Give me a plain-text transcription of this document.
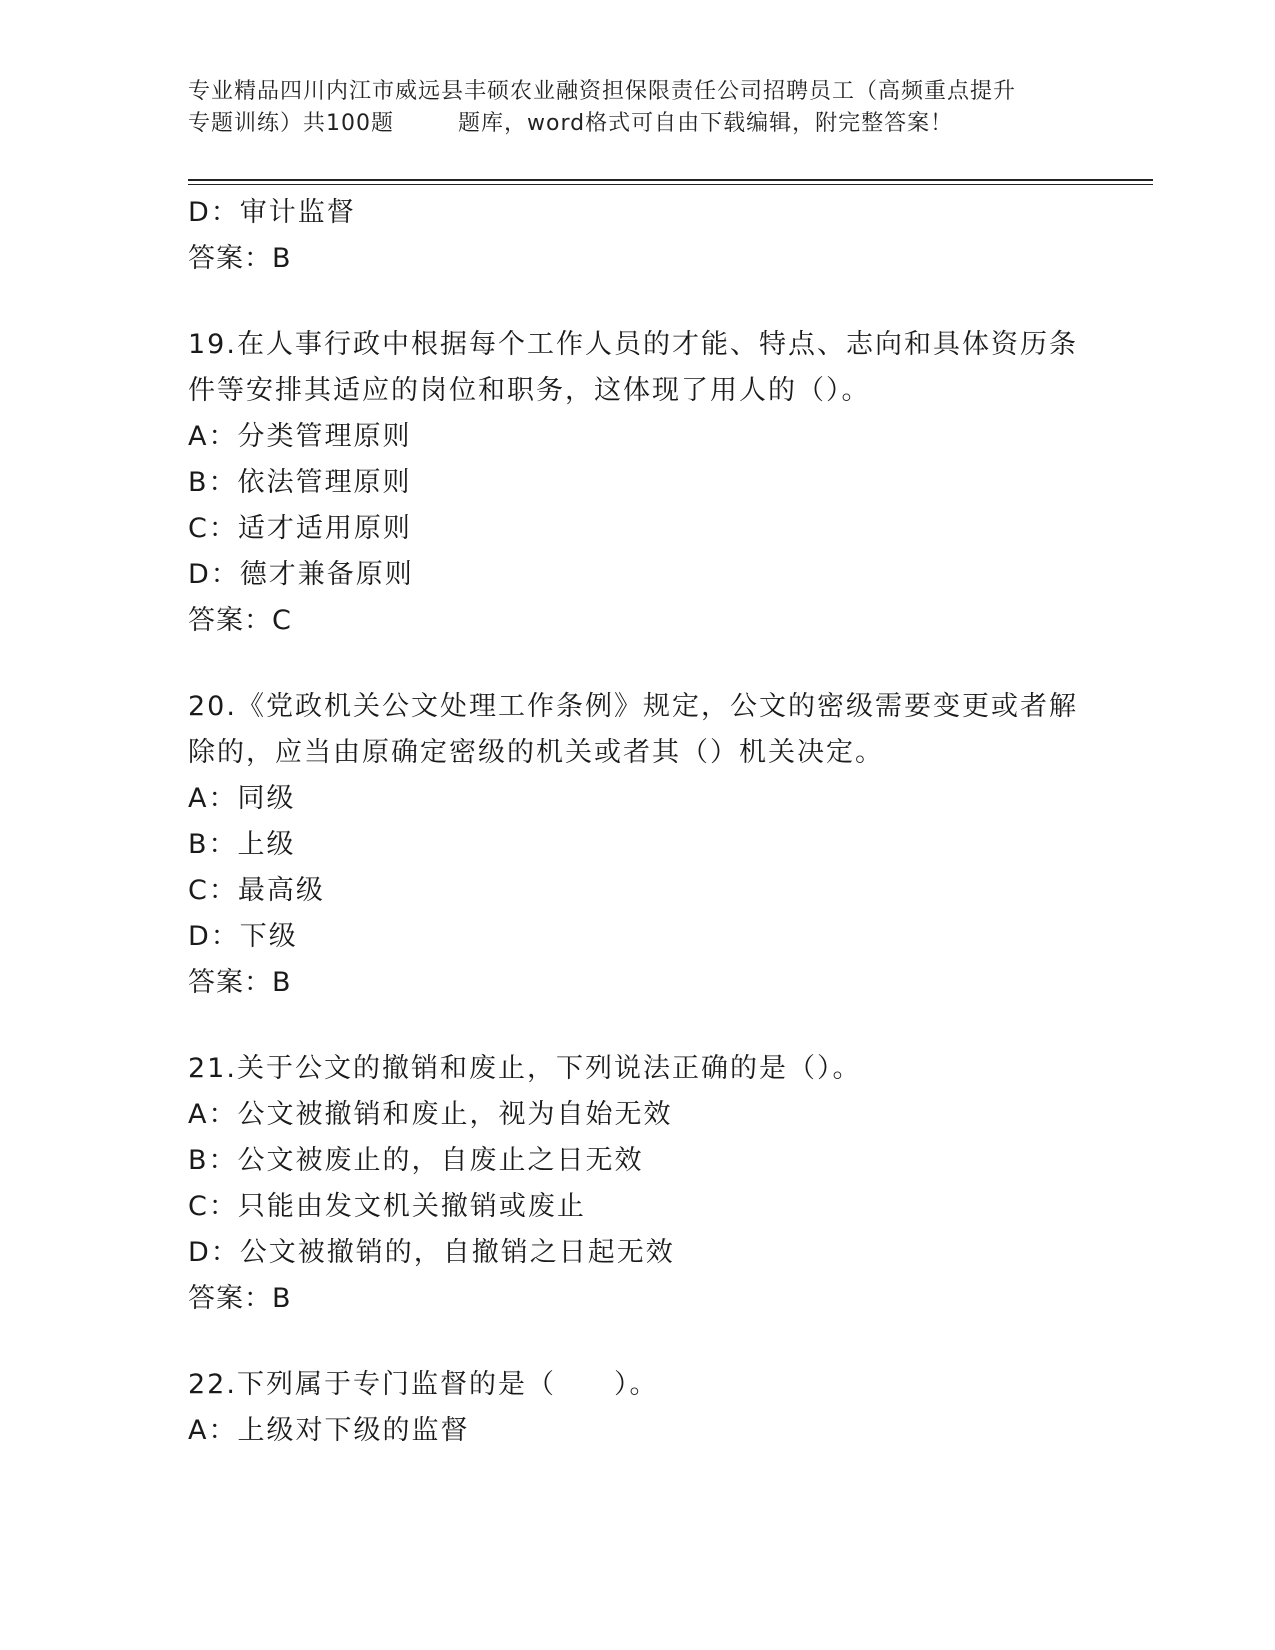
专业精品四川内江市威远县丰硕农业融资担保限责任公司招聘员工（高频重点提升
专题训练）共100题	题库，word格式可自由下载编辑，附完整答案！
D：审计监督
答案：B
19.在人事行政中根据每个工作人员的才能、特点、志向和具体资历条
件等安排其适应的岗位和职务，这体现了用人的（）。
A：分类管理原则
B：依法管理原则
C：适才适用原则
D：德才兼备原则
答案：C
20.《党政机关公文处理工作条例》规定，公文的密级需要变更或者解
除的，应当由原确定密级的机关或者其（）机关决定。
A：同级
B：上级
C：最高级
D：下级
答案：B
21.关于公文的撤销和废止，下列说法正确的是（）。
A：公文被撤销和废止，视为自始无效
B：公文被废止的，自废止之日无效
C：只能由发文机关撤销或废止
D：公文被撤销的，自撤销之日起无效
答案：B
22.下列属于专门监督的是（　　）。
A：上级对下级的监督
